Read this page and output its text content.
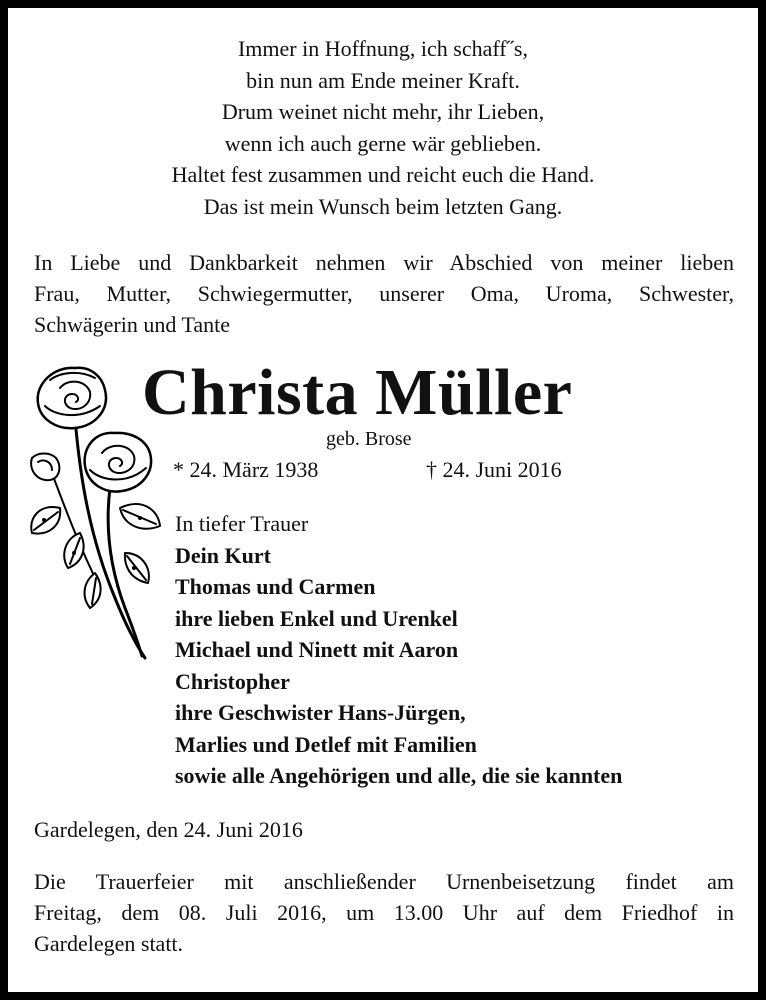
Immer in Hoffnung, ich schaff˝s,
bin nun am Ende meiner Kraft.
Drum weinet nicht mehr, ihr Lieben,
wenn ich auch gerne wär geblieben.
Haltet fest zusammen und reicht euch die Hand.
Das ist mein Wunsch beim letzten Gang.
In Liebe und Dankbarkeit nehmen wir Abschied von meiner lieben
Frau, Mutter, Schwiegermutter, unserer Oma, Uroma, Schwester,
Schwägerin und Tante
Christa Müller
geb. Brose
* 24. März 1938	† 24. Juni 2016
In tiefer Trauer
Dein Kurt
Thomas und Carmen
ihre lieben Enkel und Urenkel
Michael und Ninett mit Aaron
Christopher
ihre Geschwister Hans-Jürgen,
Marlies und Detlef mit Familien
sowie alle Angehörigen und alle, die sie kannten
Gardelegen, den 24. Juni 2016
Die Trauerfeier mit anschließender Urnenbeisetzung findet am
Freitag, dem 08. Juli 2016, um 13.00 Uhr auf dem Friedhof in
Gardelegen statt.
